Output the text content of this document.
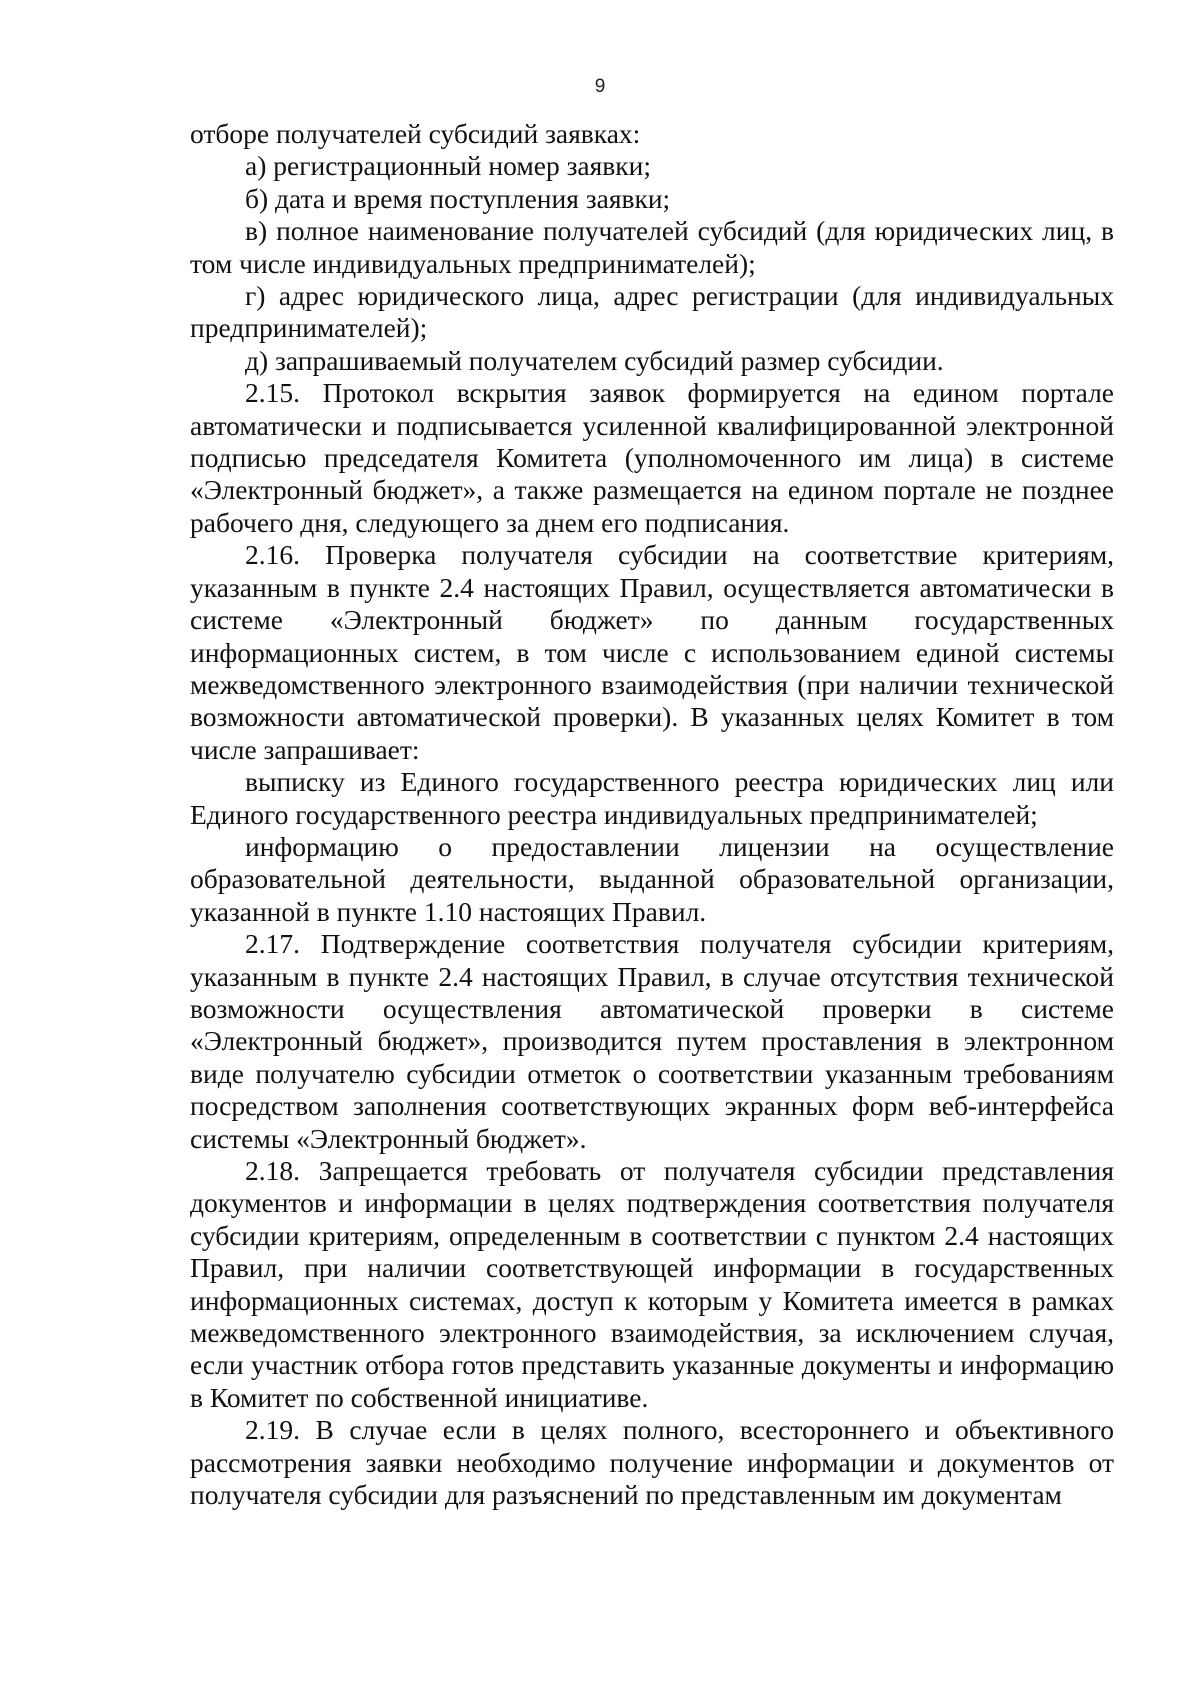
9

отборе получателей субсидий заявках:

а) регистрационный номер заявки;

б) дата и время поступления заявки;

в) полное наименование получателей субсидий (для юридических лиц, в том числе индивидуальных предпринимателей);

г) адрес юридического лица, адрес регистрации (для индивидуальных предпринимателей);

д) запрашиваемый получателем субсидий размер субсидии.

2.15. Протокол вскрытия заявок формируется на едином портале автоматически и подписывается усиленной квалифицированной электронной подписью председателя Комитета (уполномоченного им лица) в системе «Электронный бюджет», а также размещается на едином портале не позднее рабочего дня, следующего за днем его подписания.

2.16. Проверка получателя субсидии на соответствие критериям, указанным в пункте 2.4 настоящих Правил, осуществляется автоматически в системе «Электронный бюджет» по данным государственных информационных систем, в том числе с использованием единой системы межведомственного электронного взаимодействия (при наличии технической возможности автоматической проверки). В указанных целях Комитет в том числе запрашивает:

выписку из Единого государственного реестра юридических лиц или Единого государственного реестра индивидуальных предпринимателей;

информацию о предоставлении лицензии на осуществление образовательной деятельности, выданной образовательной организации, указанной в пункте 1.10 настоящих Правил.

2.17. Подтверждение соответствия получателя субсидии критериям, указанным в пункте 2.4 настоящих Правил, в случае отсутствия технической возможности осуществления автоматической проверки в системе «Электронный бюджет», производится путем проставления в электронном виде получателю субсидии отметок о соответствии указанным требованиям посредством заполнения соответствующих экранных форм веб-интерфейса системы «Электронный бюджет».

2.18. Запрещается требовать от получателя субсидии представления документов и информации в целях подтверждения соответствия получателя субсидии критериям, определенным в соответствии с пунктом 2.4 настоящих Правил, при наличии соответствующей информации в государственных информационных системах, доступ к которым у Комитета имеется в рамках межведомственного электронного взаимодействия, за исключением случая, если участник отбора готов представить указанные документы и информацию в Комитет по собственной инициативе.

2.19. В случае если в целях полного, всестороннего и объективного рассмотрения заявки необходимо получение информации и документов от получателя субсидии для разъяснений по представленным им документам
